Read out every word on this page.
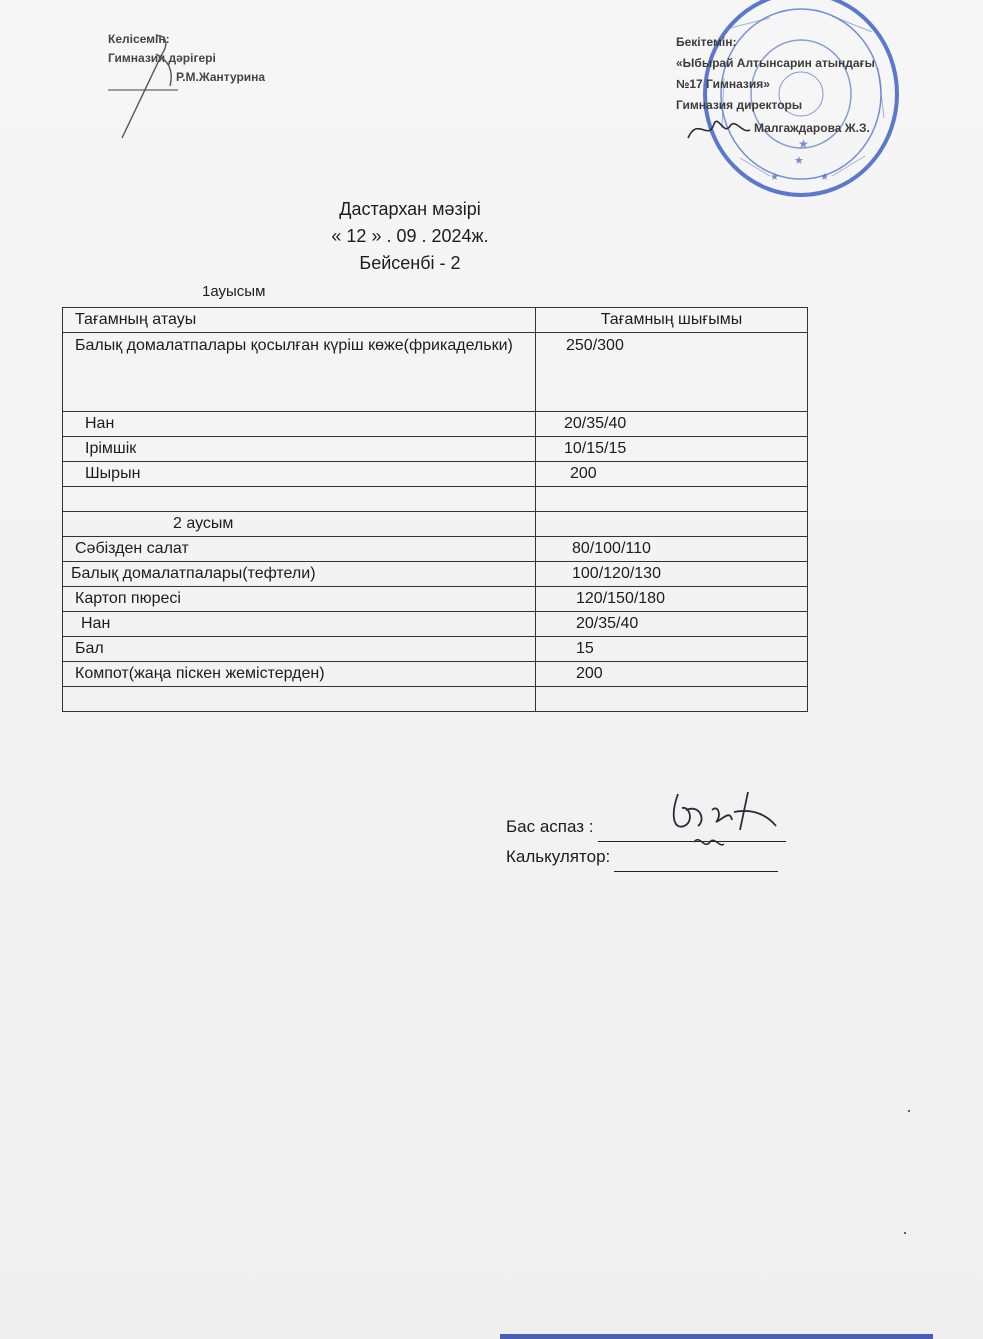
Келісемін:
Гимназия дәрігері
Р.М.Жантурина
★
★
★	★
Бекітемін:
«Ыбырай Алтынсарин атындағы
№17 Гимназия»
Гимназия директоры
Малгаждарова Ж.З.
Дастархан мәзірі
« 12 » . 09 . 2024ж.
Бейсенбі - 2
1ауысым
Тағамның атауы	Тағамның шығымы
Балық домалатпалары қосылған күріш көже(фрикадельки)	250/300
Нан	20/35/40
Ірімшік	10/15/15
Шырын	200

2 аусым	
Сәбізден салат	80/100/110
Балық домалатпалары(тефтели)	100/120/130
Картоп пюресі	120/150/180
Нан	20/35/40
Бал	15
Компот(жаңа піскен жемістерден)	200

Бас аспаз :
Калькулятор:
